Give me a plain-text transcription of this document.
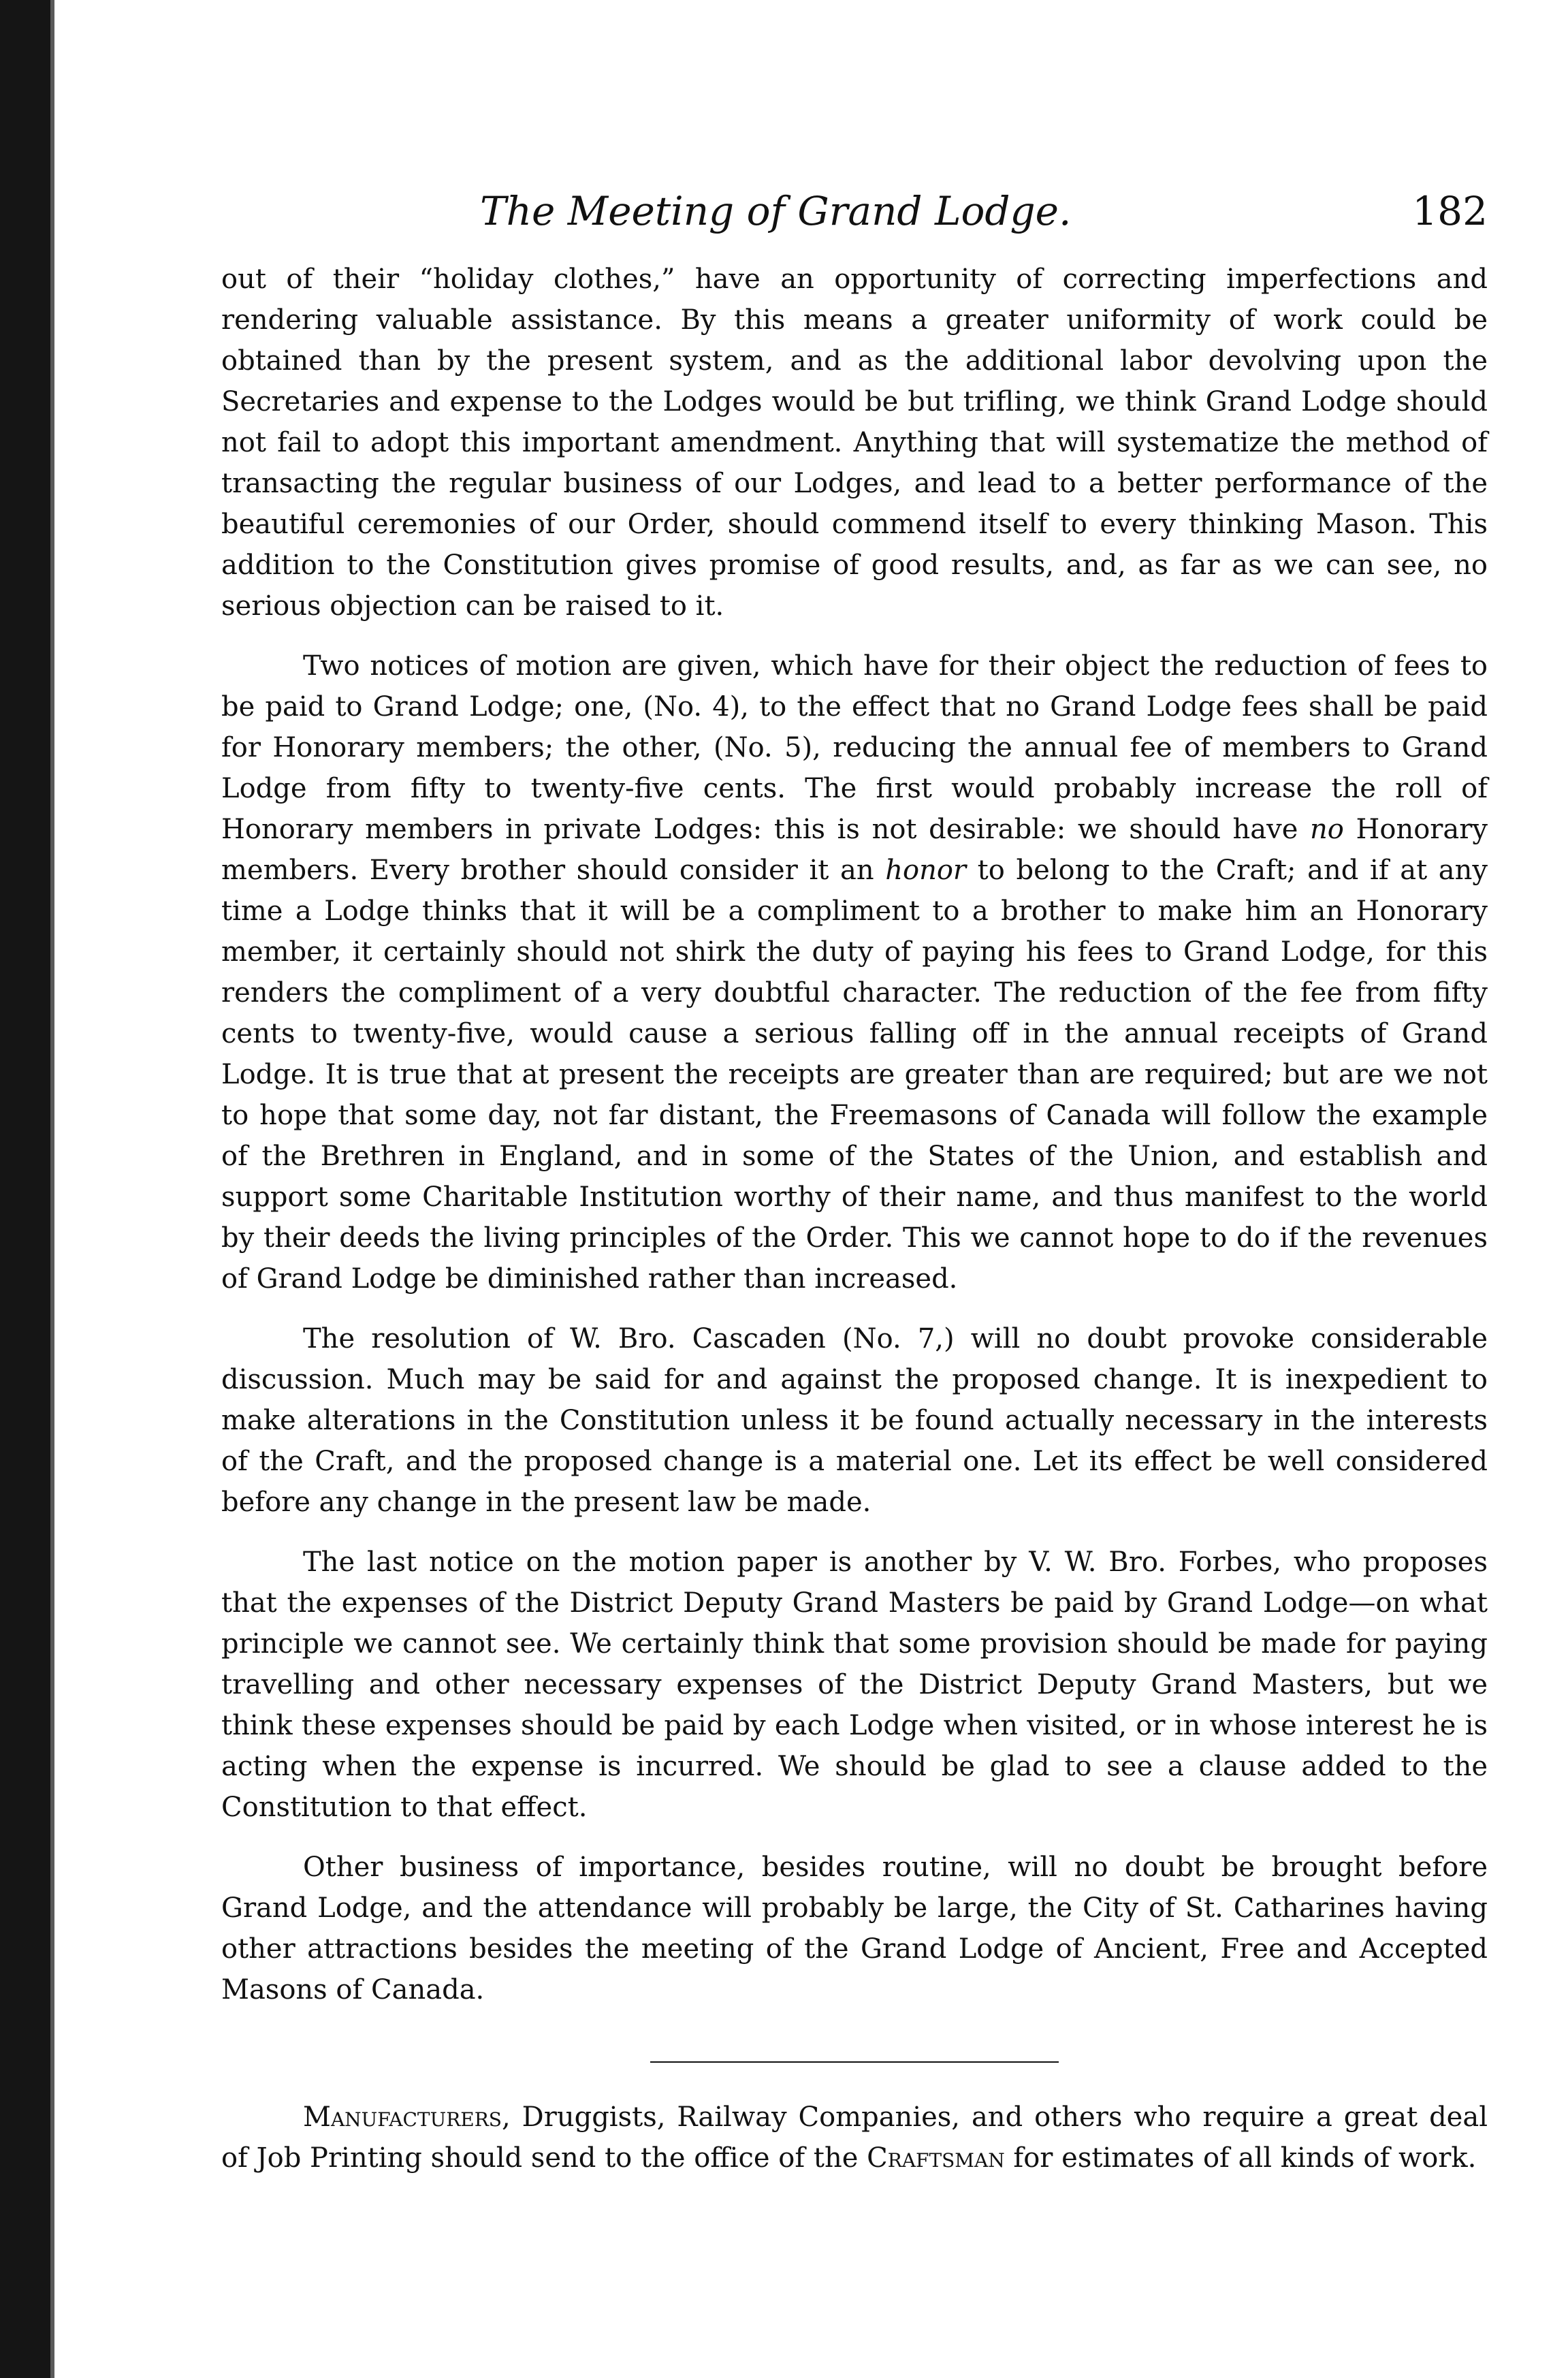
The Meeting of Grand Lodge.	182

out of their “holiday clothes,” have an opportunity of correcting imperfections and rendering valuable assistance. By this means a greater uniformity of work could be obtained than by the present system, and as the additional labor devolving upon the Secretaries and expense to the Lodges would be but trifling, we think Grand Lodge should not fail to adopt this important amendment. Anything that will systematize the method of transacting the regular business of our Lodges, and lead to a better performance of the beautiful ceremonies of our Order, should commend itself to every thinking Mason. This addition to the Constitution gives promise of good results, and, as far as we can see, no serious objection can be raised to it.

Two notices of motion are given, which have for their object the reduction of fees to be paid to Grand Lodge; one, (No. 4), to the effect that no Grand Lodge fees shall be paid for Honorary members; the other, (No. 5), reducing the annual fee of members to Grand Lodge from fifty to twenty-five cents. The first would probably increase the roll of Honorary members in private Lodges: this is not desirable: we should have no Honorary members. Every brother should consider it an honor to belong to the Craft; and if at any time a Lodge thinks that it will be a compliment to a brother to make him an Honorary member, it certainly should not shirk the duty of paying his fees to Grand Lodge, for this renders the compliment of a very doubtful character. The reduction of the fee from fifty cents to twenty-five, would cause a serious falling off in the annual receipts of Grand Lodge. It is true that at present the receipts are greater than are required; but are we not to hope that some day, not far distant, the Freemasons of Canada will follow the example of the Brethren in England, and in some of the States of the Union, and establish and support some Charitable Institution worthy of their name, and thus manifest to the world by their deeds the living principles of the Order. This we cannot hope to do if the revenues of Grand Lodge be diminished rather than increased.

The resolution of W. Bro. Cascaden (No. 7,) will no doubt provoke considerable discussion. Much may be said for and against the proposed change. It is inexpedient to make alterations in the Constitution unless it be found actually necessary in the interests of the Craft, and the proposed change is a material one. Let its effect be well considered before any change in the present law be made.

The last notice on the motion paper is another by V. W. Bro. Forbes, who proposes that the expenses of the District Deputy Grand Masters be paid by Grand Lodge—on what principle we cannot see. We certainly think that some provision should be made for paying travelling and other necessary expenses of the District Deputy Grand Masters, but we think these expenses should be paid by each Lodge when visited, or in whose interest he is acting when the expense is incurred. We should be glad to see a clause added to the Constitution to that effect.

Other business of importance, besides routine, will no doubt be brought before Grand Lodge, and the attendance will probably be large, the City of St. Catharines having other attractions besides the meeting of the Grand Lodge of Ancient, Free and Accepted Masons of Canada.

Manufacturers, Druggists, Railway Companies, and others who require a great deal of Job Printing should send to the office of the Craftsman for estimates of all kinds of work.
